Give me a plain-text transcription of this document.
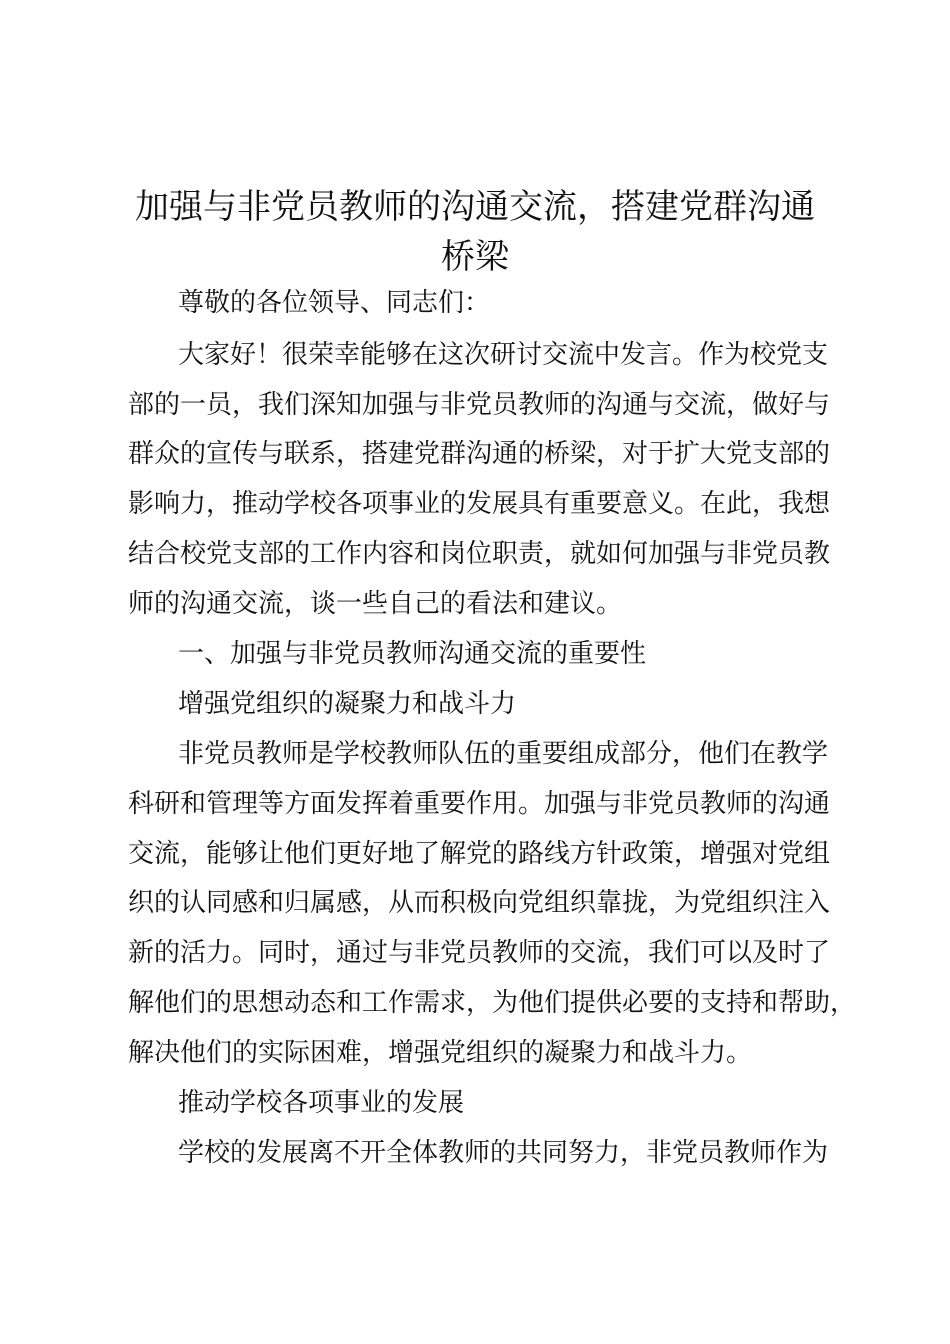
加强与非党员教师的沟通交流，搭建党群沟通
桥梁

尊敬的各位领导、同志们：

大家好！很荣幸能够在这次研讨交流中发言。作为校党支

部的一员，我们深知加强与非党员教师的沟通与交流，做好与

群众的宣传与联系，搭建党群沟通的桥梁，对于扩大党支部的

影响力，推动学校各项事业的发展具有重要意义。在此，我想

结合校党支部的工作内容和岗位职责，就如何加强与非党员教

师的沟通交流，谈一些自己的看法和建议。

一、加强与非党员教师沟通交流的重要性

增强党组织的凝聚力和战斗力

非党员教师是学校教师队伍的重要组成部分，他们在教学

科研和管理等方面发挥着重要作用。加强与非党员教师的沟通

交流，能够让他们更好地了解党的路线方针政策，增强对党组

织的认同感和归属感，从而积极向党组织靠拢，为党组织注入

新的活力。同时，通过与非党员教师的交流，我们可以及时了

解他们的思想动态和工作需求，为他们提供必要的支持和帮助，

解决他们的实际困难，增强党组织的凝聚力和战斗力。

推动学校各项事业的发展

学校的发展离不开全体教师的共同努力，非党员教师作为
